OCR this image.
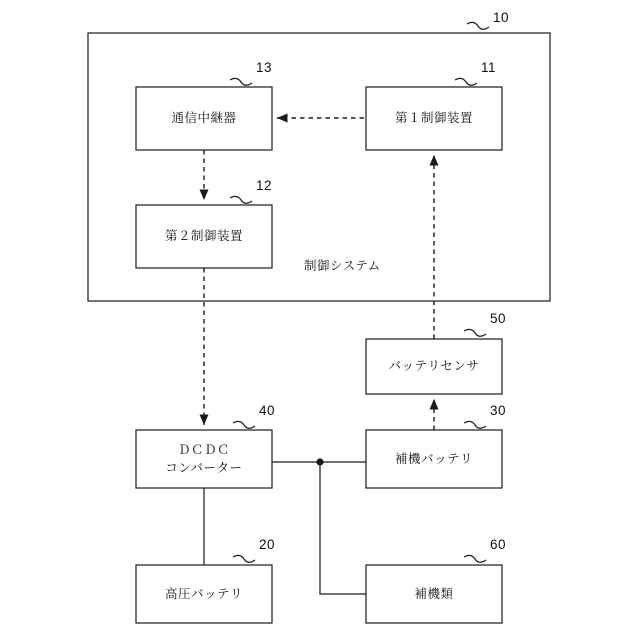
通信中継器	第１制御装置
第２制御装置
バッテリセンサ
ＤＣＤＣ
コンバーター
補機バッテリ
高圧バッテリ	補機類
制御システム
10
13	11
12
50
40	30
20	60
